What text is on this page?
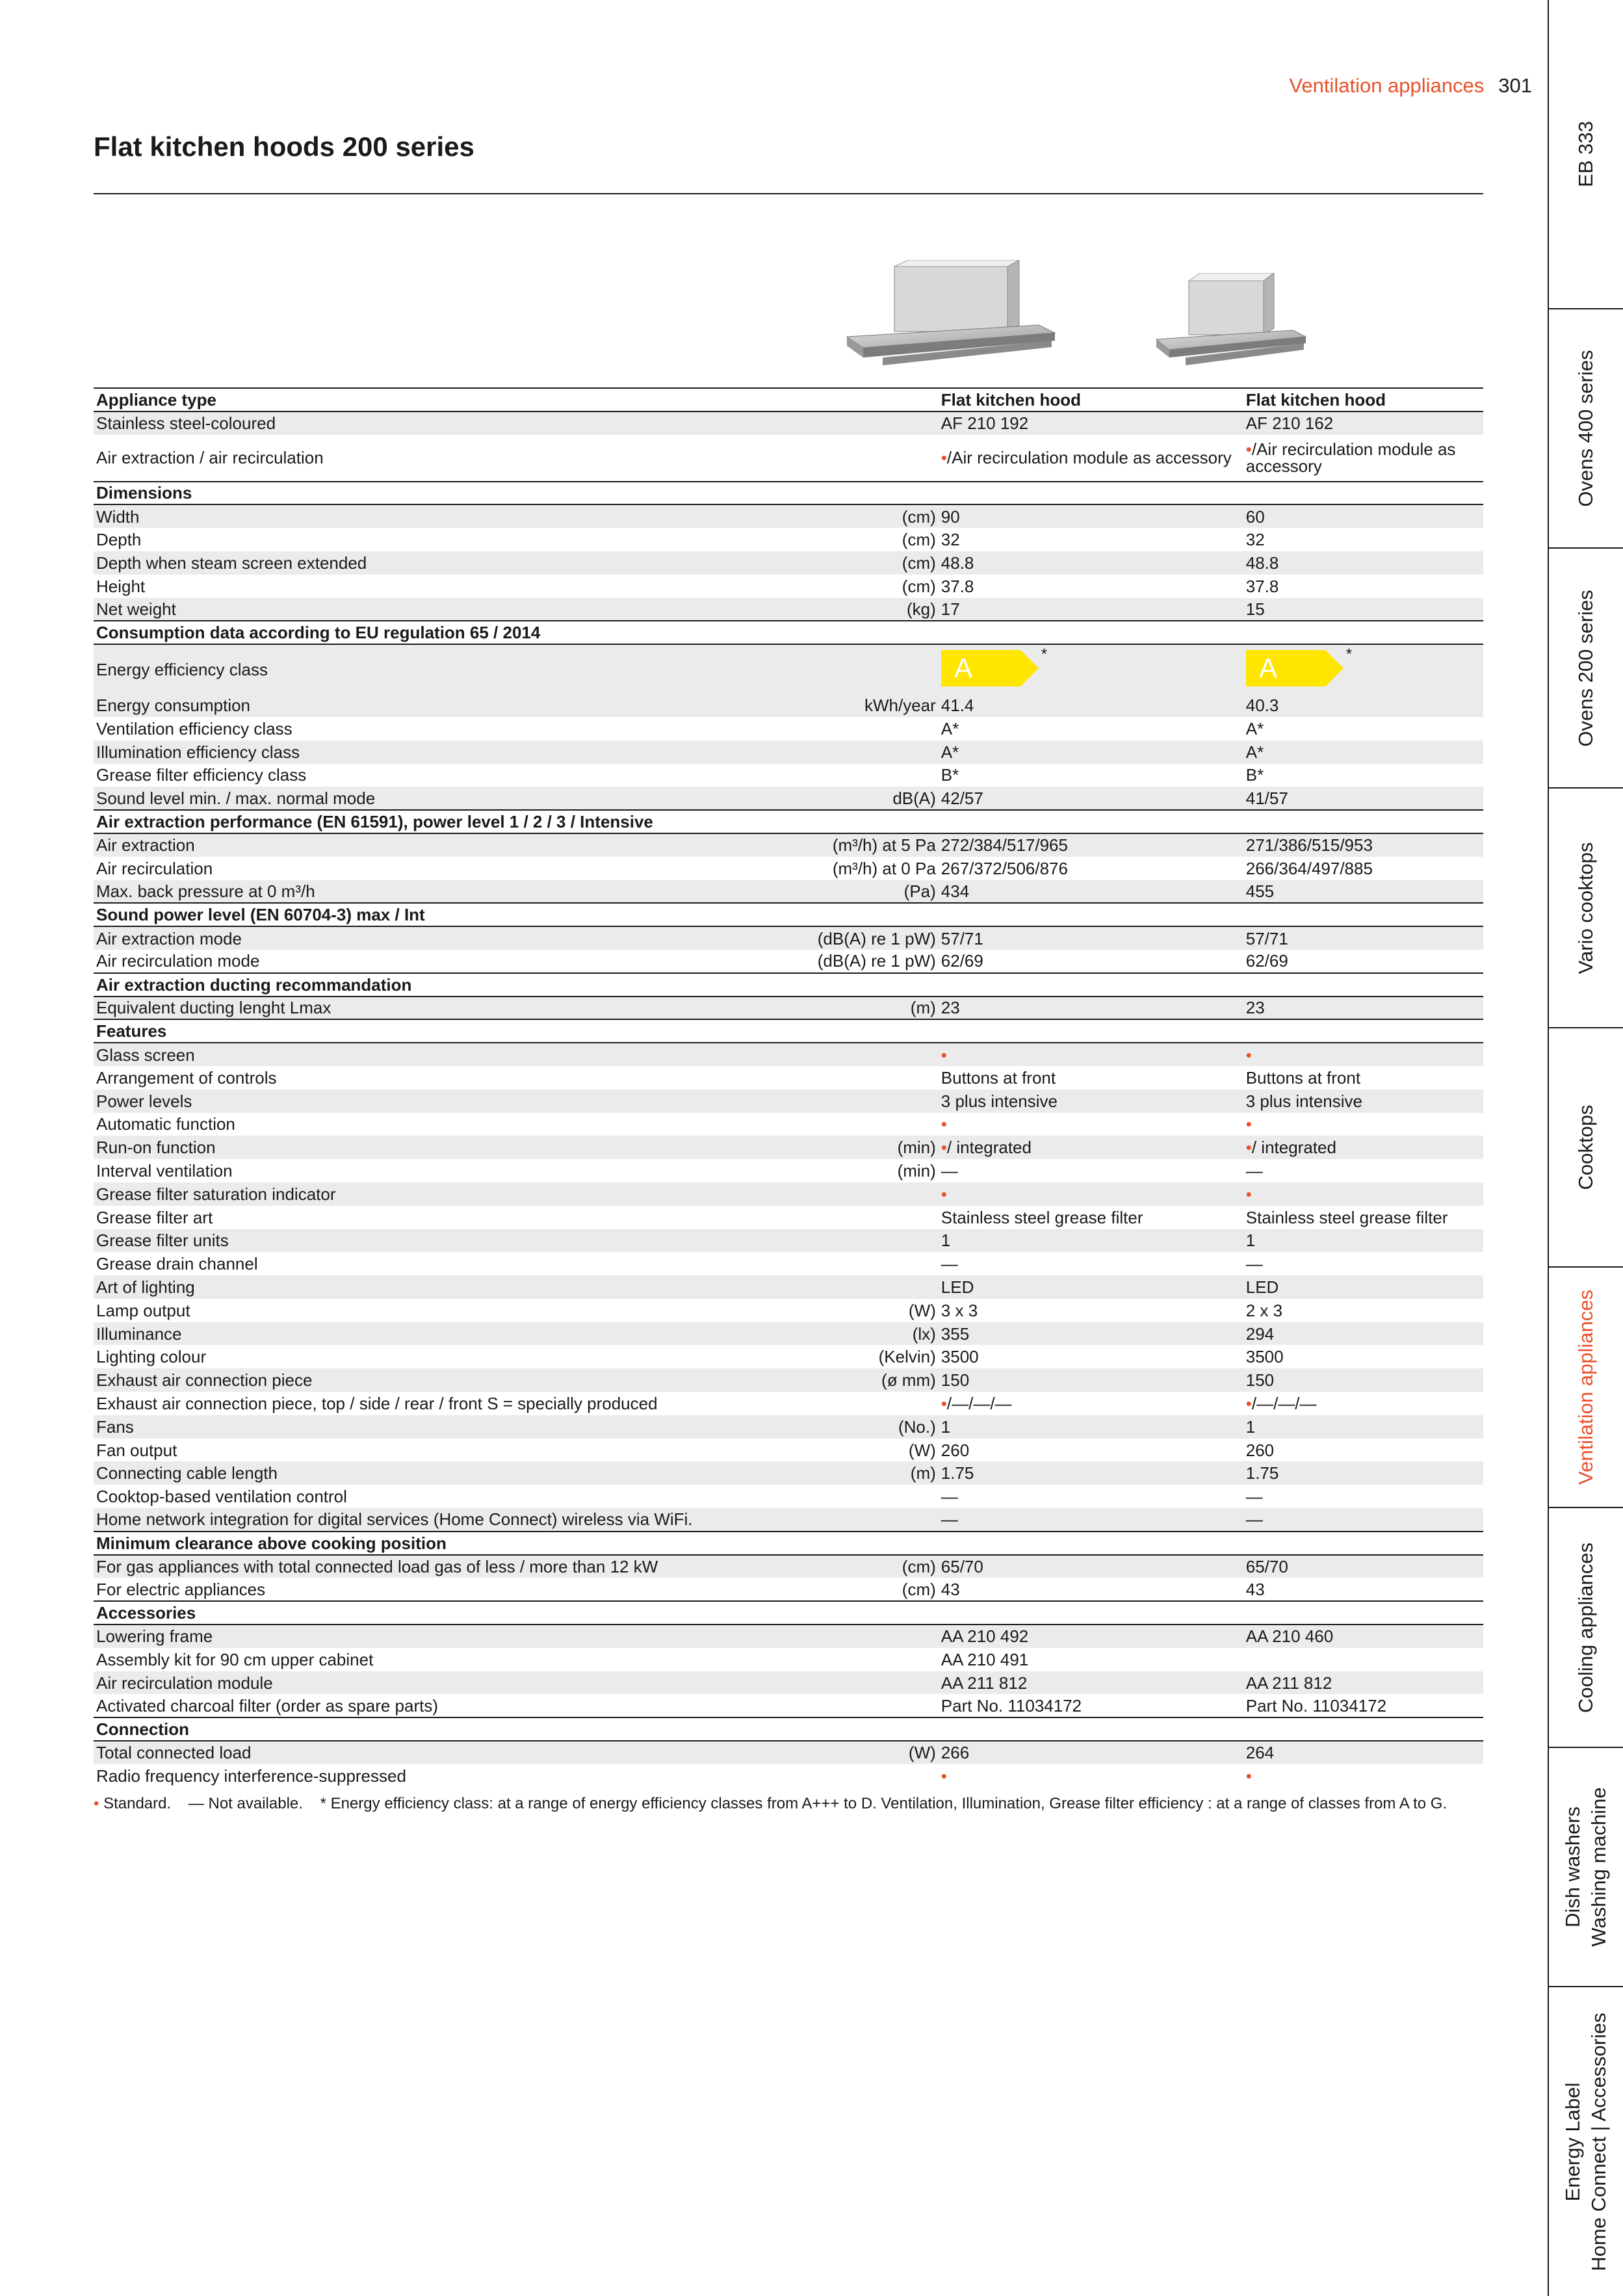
Ventilation appliances 301
Flat kitchen hoods 200 series	EB 333
Ovens 400 series
Ovens 200 series
Vario cooktops
Cooktops
Ventilation appliances
Cooling appliances
Dish washers Washing machine
Energy Label Home Connect | Accessories
Appliance type		Flat kitchen hood	Flat kitchen hood
Stainless steel-coloured		AF 210 192	AF 210 162
Air extraction / air recirculation		•/Air recirculation module as accessory	•/Air recirculation module as accessory
Dimensions			
Width	(cm)	90	60
Depth	(cm)	32	32
Depth when steam screen extended	(cm)	48.8	48.8
Height	(cm)	37.8	37.8
Net weight	(kg)	17	15
Consumption data according to EU regulation 65 / 2014			
Energy efficiency class		A *	A *

Energy consumption	kWh/year	41.4	40.3
Ventilation efficiency class		A*	A*
Illumination efficiency class		A*	A*
Grease filter efficiency class		B*	B*
Sound level min. / max. normal mode	dB(A)	42/57	41/57
Air extraction performance (EN 61591), power level 1 / 2 / 3 / Intensive			
Air extraction	(m³/h) at 5 Pa	272/384/517/965	271/386/515/953
Air recirculation	(m³/h) at 0 Pa	267/372/506/876	266/364/497/885
Max. back pressure at 0 m³/h	(Pa)	434	455
Sound power level (EN 60704-3) max / Int			
Air extraction mode	(dB(A) re 1 pW)	57/71	57/71
Air recirculation mode	(dB(A) re 1 pW)	62/69	62/69
Air extraction ducting recommandation			
Equivalent ducting lenght Lmax	(m)	23	23
Features			
Glass screen		•	•
Arrangement of controls		Buttons at front	Buttons at front
Power levels		3 plus intensive	3 plus intensive
Automatic function		•	•
Run-on function	(min)	•/ integrated	•/ integrated
Interval ventilation	(min)	—	—
Grease filter saturation indicator		•	•
Grease filter art		Stainless steel grease filter	Stainless steel grease filter
Grease filter units		1	1
Grease drain channel		—	—
Art of lighting		LED	LED
Lamp output	(W)	3 x 3	2 x 3
Illuminance	(lx)	355	294
Lighting colour	(Kelvin)	3500	3500
Exhaust air connection piece	(ø mm)	150	150
Exhaust air connection piece, top / side / rear / front S = specially produced		•/—/—/—	•/—/—/—
Fans	(No.)	1	1
Fan output	(W)	260	260
Connecting cable length	(m)	1.75	1.75
Cooktop-based ventilation control		—	—
Home network integration for digital services (Home Connect) wireless via WiFi.		—	—
Minimum clearance above cooking position			
For gas appliances with total connected load gas of less / more than 12 kW	(cm)	65/70	65/70
For electric appliances	(cm)	43	43
Accessories			
Lowering frame		AA 210 492	AA 210 460
Assembly kit for 90 cm upper cabinet		AA 210 491	
Air recirculation module		AA 211 812	AA 211 812
Activated charcoal filter (order as spare parts)		Part No. 11034172	Part No. 11034172
Connection			
Total connected load	(W)	266	264
Radio frequency interference-suppressed		•	•
• Standard. — Not available. * Energy efficiency class: at a range of energy efficiency classes from A+++ to D. Ventilation, Illumination, Grease filter efficiency : at a range of classes from A to G.
